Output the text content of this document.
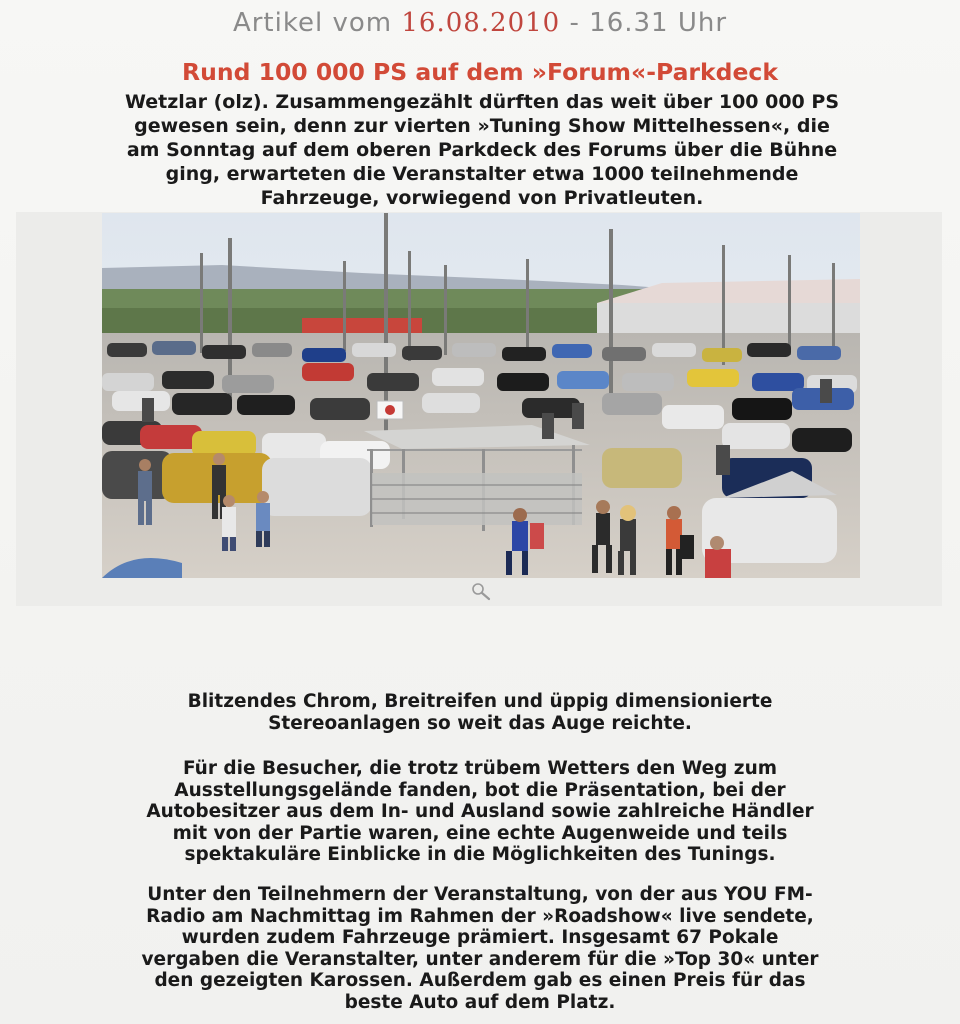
Artikel vom 16.08.2010 - 16.31 Uhr
Rund 100 000 PS auf dem »Forum«-Parkdeck
Wetzlar (olz). Zusammengezählt dürften das weit über 100 000 PS
gewesen sein, denn zur vierten »Tuning Show Mittelhessen«, die
am Sonntag auf dem oberen Parkdeck des Forums über die Bühne
ging, erwarteten die Veranstalter etwa 1000 teilnehmende
Fahrzeuge, vorwiegend von Privatleuten.
Blitzendes Chrom, Breitreifen und üppig dimensionierte
Stereoanlagen so weit das Auge reichte.
Für die Besucher, die trotz trübem Wetters den Weg zum
Ausstellungsgelände fanden, bot die Präsentation, bei der
Autobesitzer aus dem In- und Ausland sowie zahlreiche Händler
mit von der Partie waren, eine echte Augenweide und teils
spektakuläre Einblicke in die Möglichkeiten des Tunings.
Unter den Teilnehmern der Veranstaltung, von der aus YOU FM-
Radio am Nachmittag im Rahmen der »Roadshow« live sendete,
wurden zudem Fahrzeuge prämiert. Insgesamt 67 Pokale
vergaben die Veranstalter, unter anderem für die »Top 30« unter
den gezeigten Karossen. Außerdem gab es einen Preis für das
beste Auto auf dem Platz.
